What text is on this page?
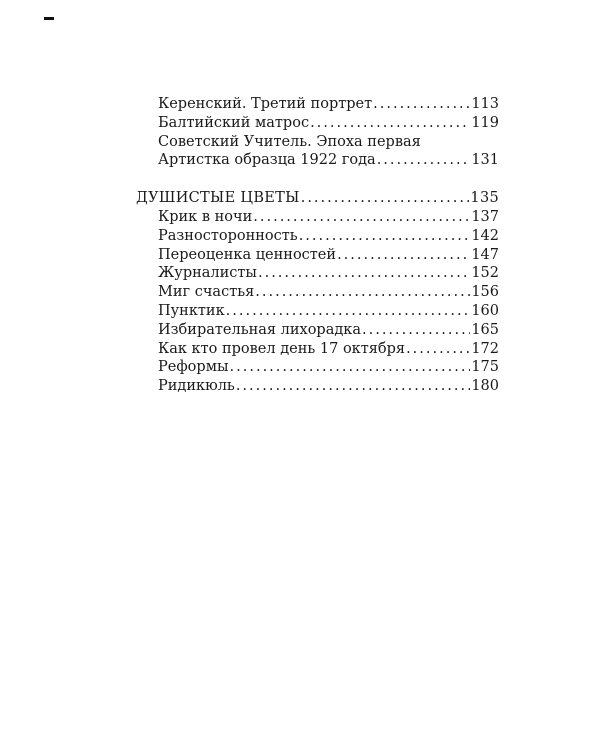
Керенский. Третий портрет .....	113
Балтийский матрос .....	119
Советский Учитель. Эпоха первая
Артистка образца 1922 года .....	131
ДУШИСТЫЕ ЦВЕТЫ .....	135
Крик в ночи .....	137
Разносторонность .....	142
Переоценка ценностей .....	147
Журналисты .....	152
Миг счастья .....	156
Пунктик .....	160
Избирательная лихорадка .....	165
Как кто провел день 17 октября .....	172
Реформы .....	175
Ридикюль .....	180
